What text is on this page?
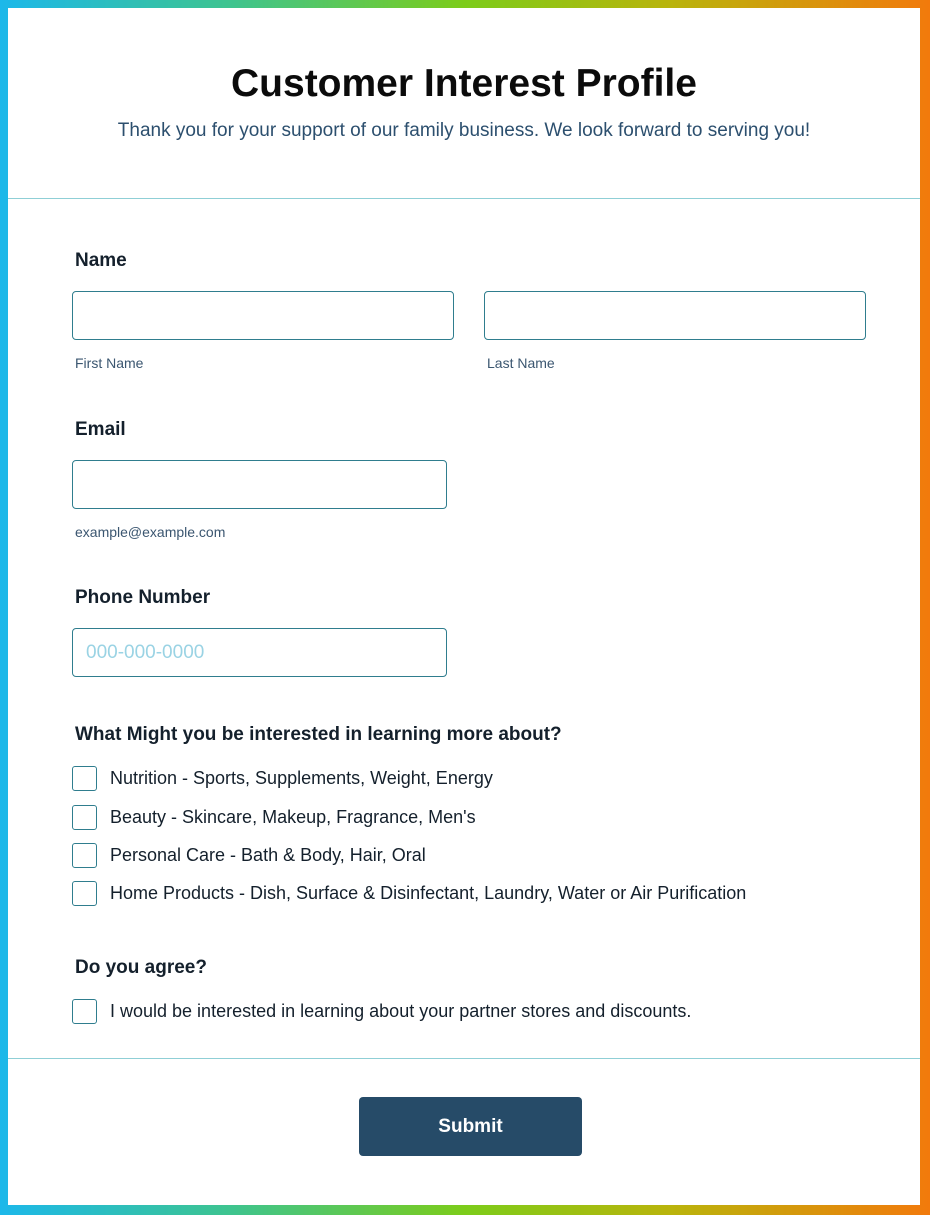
Customer Interest Profile

Thank you for your support of our family business. We look forward to serving you!

Name
First Name	Last Name
Email
example@example.com
Phone Number
000-000-0000
What Might you be interested in learning more about?
Nutrition - Sports, Supplements, Weight, Energy
Beauty - Skincare, Makeup, Fragrance, Men's
Personal Care - Bath & Body, Hair, Oral
Home Products - Dish, Surface & Disinfectant, Laundry, Water or Air Purification
Do you agree?
I would be interested in learning about your partner stores and discounts.
Submit
